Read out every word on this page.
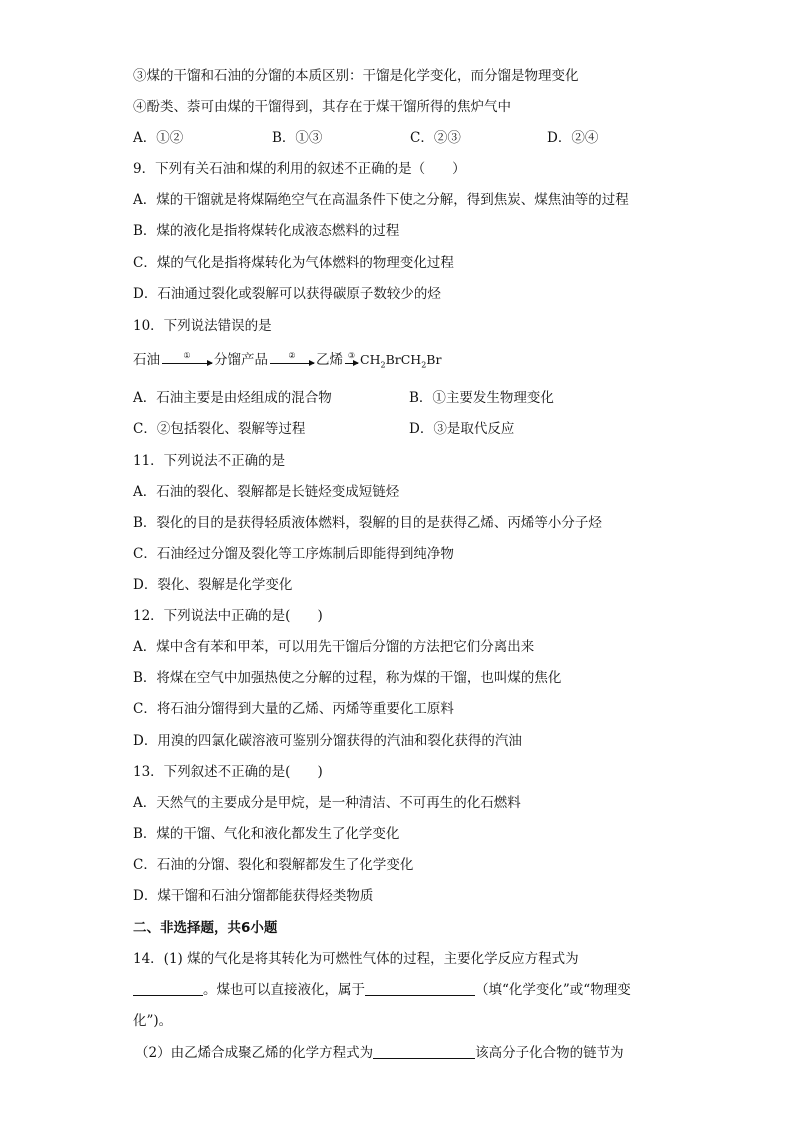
③煤的干馏和石油的分馏的本质区别：干馏是化学变化，而分馏是物理变化
④酚类、萘可由煤的干馏得到，其存在于煤干馏所得的焦炉气中
A．①②	B．①③	C．②③	D．②④
9．下列有关石油和煤的利用的叙述不正确的是（　　）
A．煤的干馏就是将煤隔绝空气在高温条件下使之分解，得到焦炭、煤焦油等的过程
B．煤的液化是指将煤转化成液态燃料的过程
C．煤的气化是指将煤转化为气体燃料的物理变化过程
D．石油通过裂化或裂解可以获得碳原子数较少的烃
10．下列说法错误的是
石油	①	分馏产品	②	乙烯 ③ $CH_2BrCH_2Br$
A．石油主要是由烃组成的混合物	B．①主要发生物理变化
C．②包括裂化、裂解等过程	D．③是取代反应
11．下列说法不正确的是
A．石油的裂化、裂解都是长链烃变成短链烃
B．裂化的目的是获得轻质液体燃料，裂解的目的是获得乙烯、丙烯等小分子烃
C．石油经过分馏及裂化等工序炼制后即能得到纯净物
D．裂化、裂解是化学变化
12．下列说法中正确的是(　　)
A．煤中含有苯和甲苯，可以用先干馏后分馏的方法把它们分离出来
B．将煤在空气中加强热使之分解的过程，称为煤的干馏，也叫煤的焦化
C．将石油分馏得到大量的乙烯、丙烯等重要化工原料
D．用溴的四氯化碳溶液可鉴别分馏获得的汽油和裂化获得的汽油
13．下列叙述不正确的是(　　)
A．天然气的主要成分是甲烷，是一种清洁、不可再生的化石燃料
B．煤的干馏、气化和液化都发生了化学变化
C．石油的分馏、裂化和裂解都发生了化学变化
D．煤干馏和石油分馏都能获得烃类物质
二、非选择题，共6小题
14．(1) 煤的气化是将其转化为可燃性气体的过程，主要化学反应方程式为
。煤也可以直接液化，属于	（填“化学变化”或“物理变
化”)。
（2）由乙烯合成聚乙烯的化学方程式为	该高分子化合物的链节为
